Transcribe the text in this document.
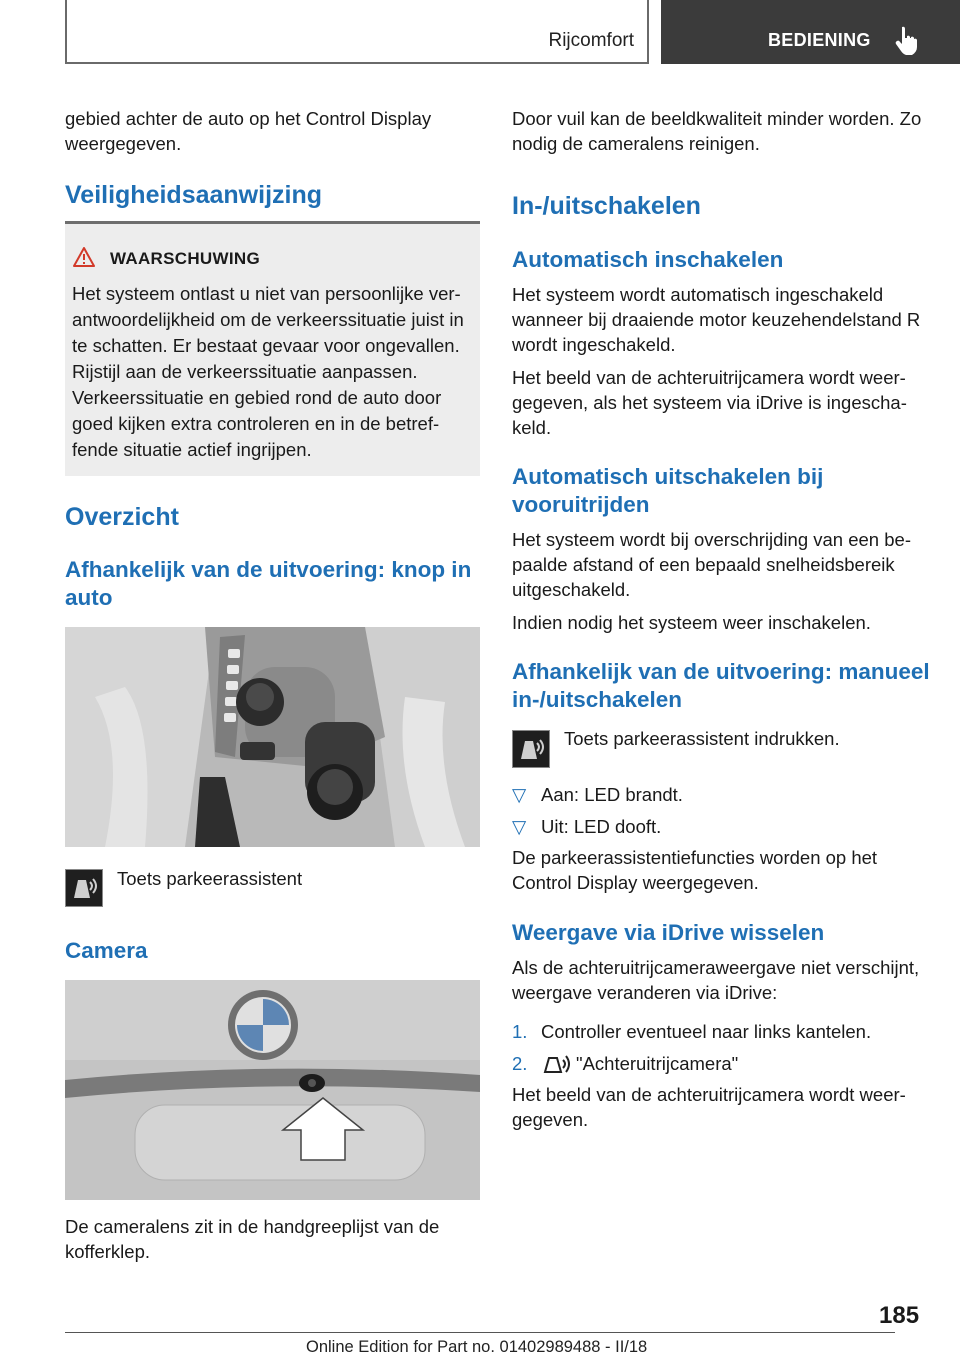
Rijcomfort	BEDIENING

gebied achter de auto op het Control Display weergegeven.

Veiligheidsaanwijzing
WAARSCHUWING
Het systeem ontlast u niet van persoonlijke verantwoordelijkheid om de verkeerssituatie juist in te schatten. Er bestaat gevaar voor ongevallen. Rijstijl aan de verkeerssituatie aanpassen. Verkeerssituatie en gebied rond de auto door goed kijken extra controleren en in de betreffende situatie actief ingrijpen.
Overzicht
Afhankelijk van de uitvoering: knop in auto
Toets parkeerassistent
Camera

De cameralens zit in de handgreeplijst van de kofferklep.

Door vuil kan de beeldkwaliteit minder worden. Zo nodig de cameralens reinigen.

In-/uitschakelen
Automatisch inschakelen

Het systeem wordt automatisch ingeschakeld wanneer bij draaiende motor keuzehendelstand R wordt ingeschakeld.

Het beeld van de achteruitrijcamera wordt weergegeven, als het systeem via iDrive is ingeschakeld.

Automatisch uitschakelen bij vooruitrijden

Het systeem wordt bij overschrijding van een bepaalde afstand of een bepaald snelheidsbereik uitgeschakeld.

Indien nodig het systeem weer inschakelen.

Afhankelijk van de uitvoering: manueel in-/uitschakelen
Toets parkeerassistent indrukken.
▽ Aan: LED brandt.
▽ Uit: LED dooft.

De parkeerassistentiefuncties worden op het Control Display weergegeven.

Weergave via iDrive wisselen

Als de achteruitrijcameraweergave niet verschijnt, weergave veranderen via iDrive:

1. Controller eventueel naar links kantelen.
2.	"Achteruitrijcamera"

Het beeld van de achteruitrijcamera wordt weergegeven.

185
Online Edition for Part no. 01402989488 - II/18
